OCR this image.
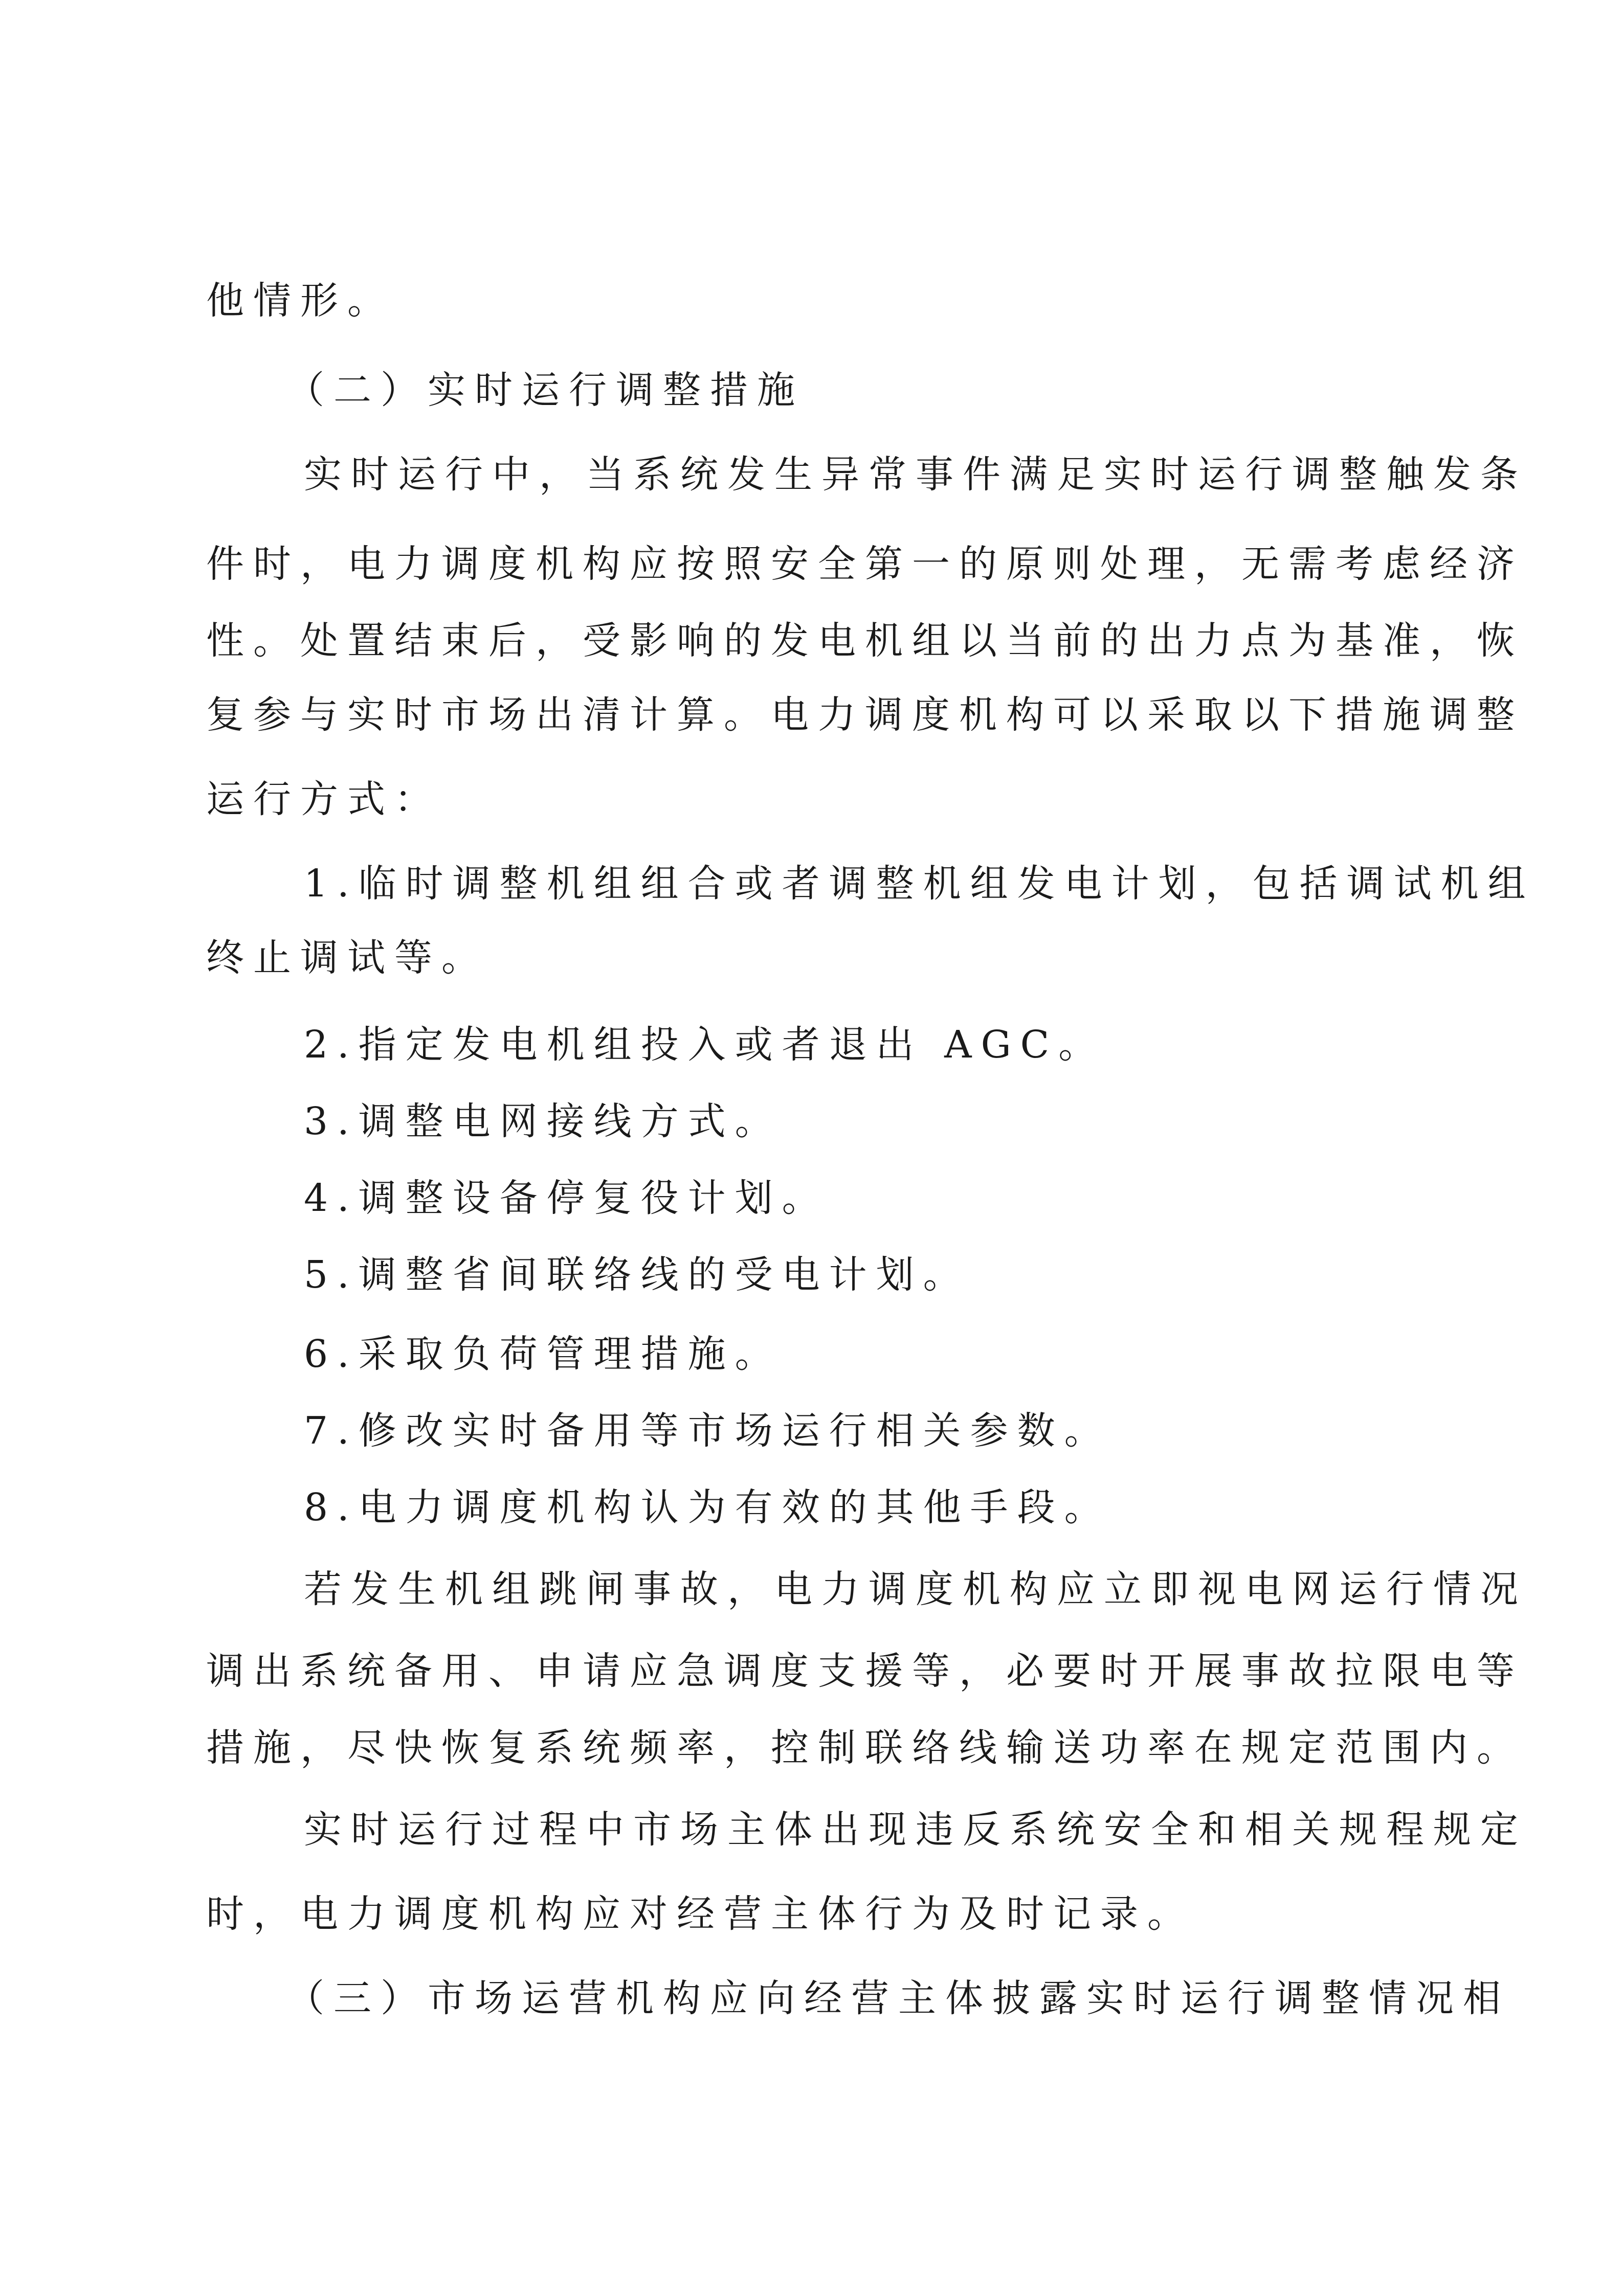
他情形。

（二）实时运行调整措施

实时运行中，当系统发生异常事件满足实时运行调整触发条

件时，电力调度机构应按照安全第一的原则处理，无需考虑经济

性。处置结束后，受影响的发电机组以当前的出力点为基准，恢

复参与实时市场出清计算。电力调度机构可以采取以下措施调整

运行方式：

1.临时调整机组组合或者调整机组发电计划，包括调试机组

终止调试等。

2.指定发电机组投入或者退出 AGC。

3.调整电网接线方式。

4.调整设备停复役计划。

5.调整省间联络线的受电计划。

6.采取负荷管理措施。

7.修改实时备用等市场运行相关参数。

8.电力调度机构认为有效的其他手段。

若发生机组跳闸事故，电力调度机构应立即视电网运行情况

调出系统备用、申请应急调度支援等，必要时开展事故拉限电等

措施，尽快恢复系统频率，控制联络线输送功率在规定范围内。

实时运行过程中市场主体出现违反系统安全和相关规程规定

时，电力调度机构应对经营主体行为及时记录。

（三）市场运营机构应向经营主体披露实时运行调整情况相
